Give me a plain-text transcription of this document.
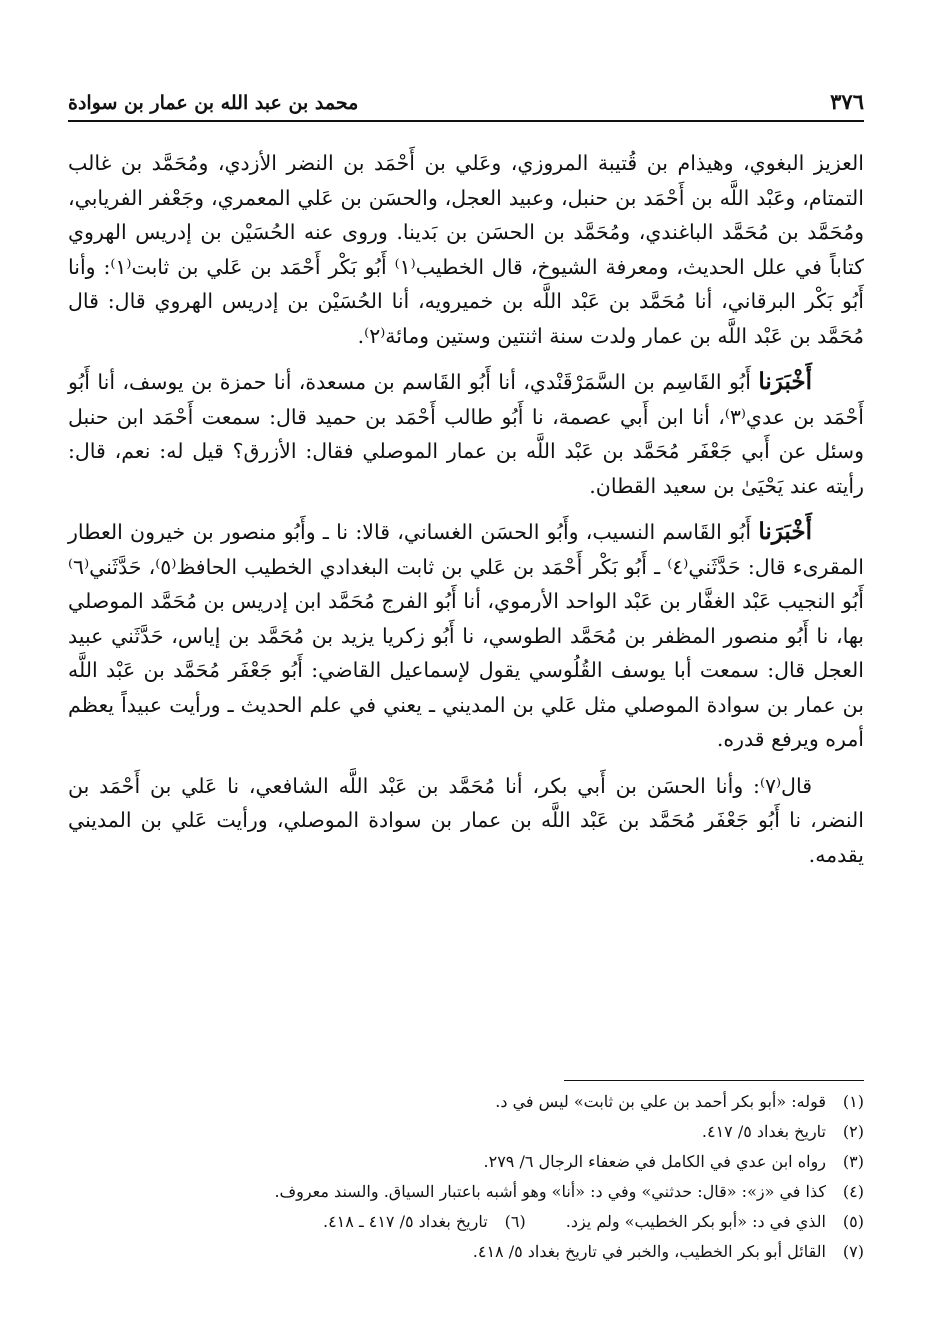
٣٧٦
محمد بن عبد الله بن عمار بن سوادة

العزيز البغوي، وهيذام بن قُتيبة المروزي، وعَلي بن أَحْمَد بن النضر الأزدي، ومُحَمَّد بن غالب التمتام، وعَبْد اللَّه بن أَحْمَد بن حنبل، وعبيد العجل، والحسَن بن عَلي المعمري، وجَعْفر الفريابي، ومُحَمَّد بن مُحَمَّد الباغندي، ومُحَمَّد بن الحسَن بن بَدينا. وروى عنه الحُسَيْن بن إدريس الهروي كتاباً في علل الحديث، ومعرفة الشيوخ، قال الخطيب⁽١⁾ أَبُو بَكْر أَحْمَد بن عَلي بن ثابت⁽١⁾: وأنا أَبُو بَكْر البرقاني، أنا مُحَمَّد بن عَبْد اللَّه بن خميرويه، أنا الحُسَيْن بن إدريس الهروي قال: قال مُحَمَّد بن عَبْد اللَّه بن عمار ولدت سنة اثنتين وستين ومائة⁽٢⁾.

أَخْبَرَنا أَبُو القَاسِم بن السَّمَرْقَنْدي، أنا أَبُو القَاسم بن مسعدة، أنا حمزة بن يوسف، أنا أَبُو أَحْمَد بن عدي⁽٣⁾، أنا ابن أَبي عصمة، نا أَبُو طالب أَحْمَد بن حميد قال: سمعت أَحْمَد ابن حنبل وسئل عن أَبي جَعْفَر مُحَمَّد بن عَبْد اللَّه بن عمار الموصلي فقال: الأزرق؟ قيل له: نعم، قال: رأيته عند يَحْيَىٰ بن سعيد القطان.

أَخْبَرَنا أَبُو القَاسم النسيب، وأَبُو الحسَن الغساني، قالا: نا ـ وأَبُو منصور بن خيرون العطار المقرىء قال: حَدَّثَني⁽٤⁾ ـ أَبُو بَكْر أَحْمَد بن عَلي بن ثابت البغدادي الخطيب الحافظ⁽٥⁾، حَدَّثَني⁽٦⁾ أَبُو النجيب عَبْد الغفَّار بن عَبْد الواحد الأرموي، أنا أَبُو الفرج مُحَمَّد ابن إدريس بن مُحَمَّد الموصلي بها، نا أَبُو منصور المظفر بن مُحَمَّد الطوسي، نا أَبُو زكريا يزيد بن مُحَمَّد بن إياس، حَدَّثَني عبيد العجل قال: سمعت أبا يوسف القُلُوسي يقول لإسماعيل القاضي: أَبُو جَعْفَر مُحَمَّد بن عَبْد اللَّه بن عمار بن سوادة الموصلي مثل عَلي بن المديني ـ يعني في علم الحديث ـ ورأيت عبيداً يعظم أمره ويرفع قدره.

قال⁽٧⁾: وأنا الحسَن بن أَبي بكر، أنا مُحَمَّد بن عَبْد اللَّه الشافعي، نا عَلي بن أَحْمَد بن النضر، نا أَبُو جَعْفَر مُحَمَّد بن عَبْد اللَّه بن عمار بن سوادة الموصلي، ورأيت عَلي بن المديني يقدمه.

(١)
قوله: «أبو بكر أحمد بن علي بن ثابت» ليس في د.
(٢)
تاريخ بغداد ٥/ ٤١٧.
(٣)
رواه ابن عدي في الكامل في ضعفاء الرجال ٦/ ٢٧٩.
(٤)
كذا في «ز»: «قال: حدثني» وفي د: «أنا» وهو أشبه باعتبار السياق. والسند معروف.
(٥)
الذي في د: «أبو بكر الخطيب» ولم يزد.
(٦)
تاريخ بغداد ٥/ ٤١٧ ـ ٤١٨.
(٧)
القائل أبو بكر الخطيب، والخبر في تاريخ بغداد ٥/ ٤١٨.
